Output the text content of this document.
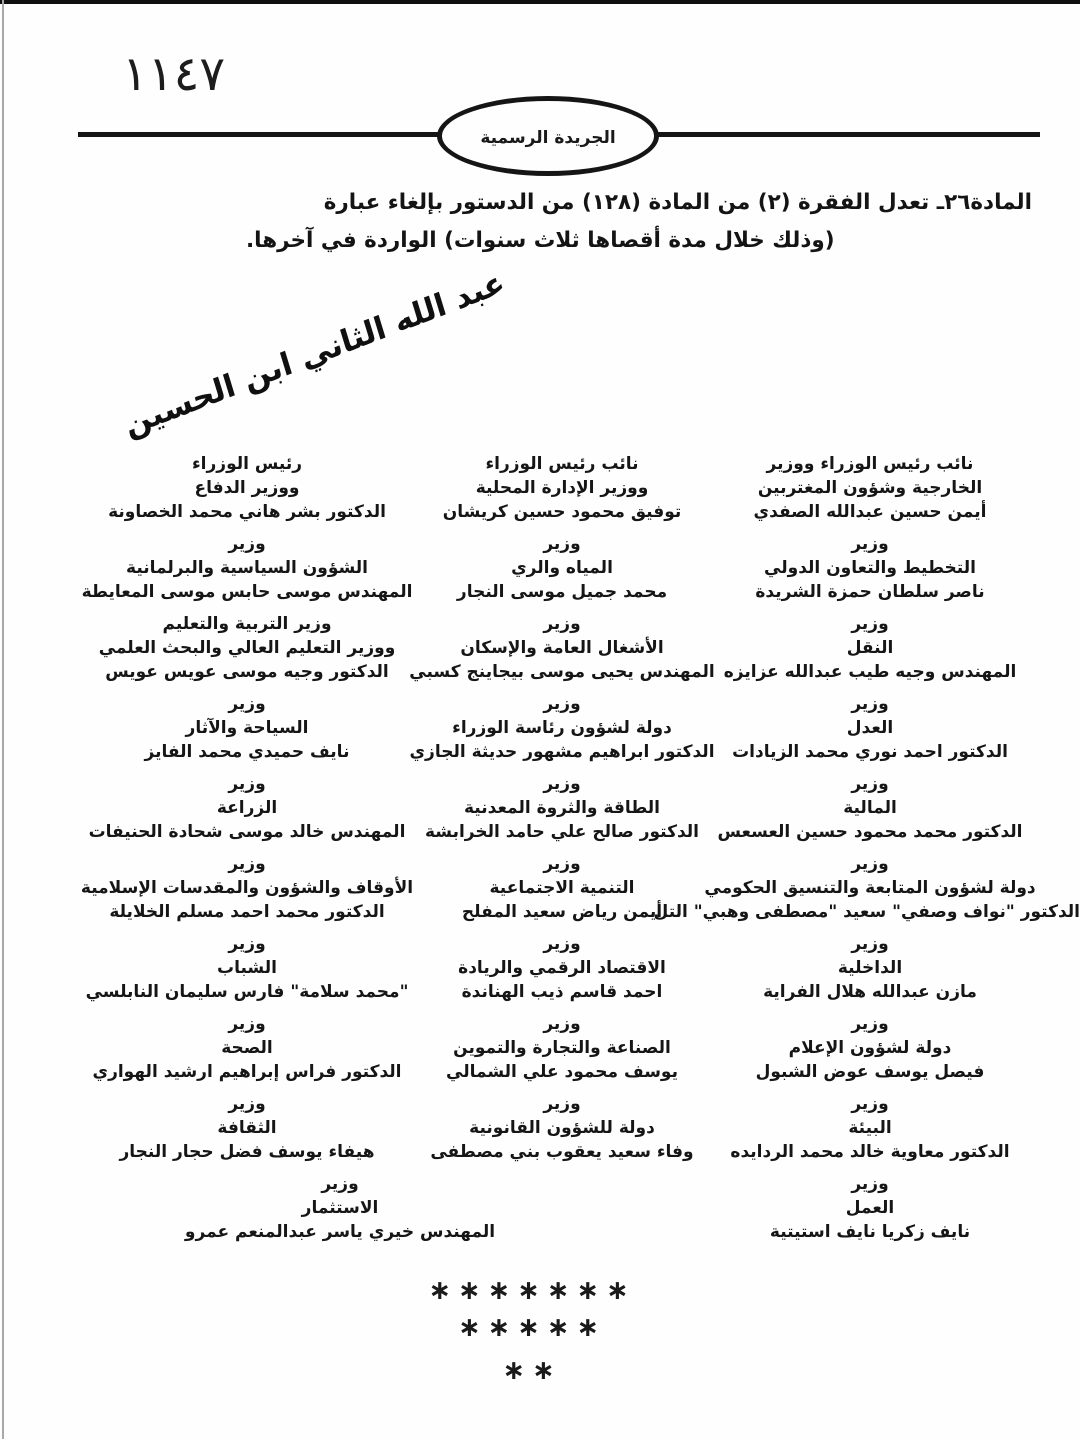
١١٤٧
الجريدة الرسمية
المادة٢٦ـ تعدل الفقرة (٢) من المادة (١٢٨) من الدستور بإلغاء عبارة
(وذلك خلال مدة أقصاها ثلاث سنوات) الواردة في آخرها.
عبد الله الثاني ابن الحسين
نائب رئيس الوزراء ووزير
الخارجية وشؤون المغتربين
أيمن حسين عبدالله الصفدي
وزير
التخطيط والتعاون الدولي
ناصر سلطان حمزة الشريدة
وزير
النقل
المهندس وجيه طيب عبدالله عزايزه
وزير
العدل
الدكتور احمد نوري محمد الزيادات
وزير
المالية
الدكتور محمد محمود حسين العسعس
وزير
دولة لشؤون المتابعة والتنسيق الحكومي
الدكتور "نواف وصفي" سعيد "مصطفى وهبي" التل
وزير
الداخلية
مازن عبدالله هلال الفراية
وزير
دولة لشؤون الإعلام
فيصل يوسف عوض الشبول
وزير
البيئة
الدكتور معاوية خالد محمد الردايده
وزير
العمل
نايف زكريا نايف استيتية
نائب رئيس الوزراء
ووزير الإدارة المحلية
توفيق محمود حسين كريشان
وزير
المياه والري
محمد جميل موسى النجار
وزير
الأشغال العامة والإسكان
المهندس يحيى موسى بيجاينج كسبي
وزير
دولة لشؤون رئاسة الوزراء
الدكتور ابراهيم مشهور حديثة الجازي
وزير
الطاقة والثروة المعدنية
الدكتور صالح علي حامد الخرابشة
وزير
التنمية الاجتماعية
أيمن رياض سعيد المفلح
وزير
الاقتصاد الرقمي والريادة
احمد قاسم ذيب الهناندة
وزير
الصناعة والتجارة والتموين
يوسف محمود علي الشمالي
وزير
دولة للشؤون القانونية
وفاء سعيد يعقوب بني مصطفى
رئيس الوزراء
ووزير الدفاع
الدكتور بشر هاني محمد الخصاونة
وزير
الشؤون السياسية والبرلمانية
المهندس موسى حابس موسى المعايطة
وزير التربية والتعليم
ووزير التعليم العالي والبحث العلمي
الدكتور وجيه موسى عويس عويس
وزير
السياحة والآثار
نايف حميدي محمد الفايز
وزير
الزراعة
المهندس خالد موسى شحادة الحنيفات
وزير
الأوقاف والشؤون والمقدسات الإسلامية
الدكتور محمد احمد مسلم الخلايلة
وزير
الشباب
"محمد سلامة" فارس سليمان النابلسي
وزير
الصحة
الدكتور فراس إبراهيم ارشيد الهواري
وزير
الثقافة
هيفاء يوسف فضل حجار النجار
وزير
الاستثمار
المهندس خيري ياسر عبدالمنعم عمرو
∗∗∗∗∗∗∗
∗∗∗∗∗
∗∗
